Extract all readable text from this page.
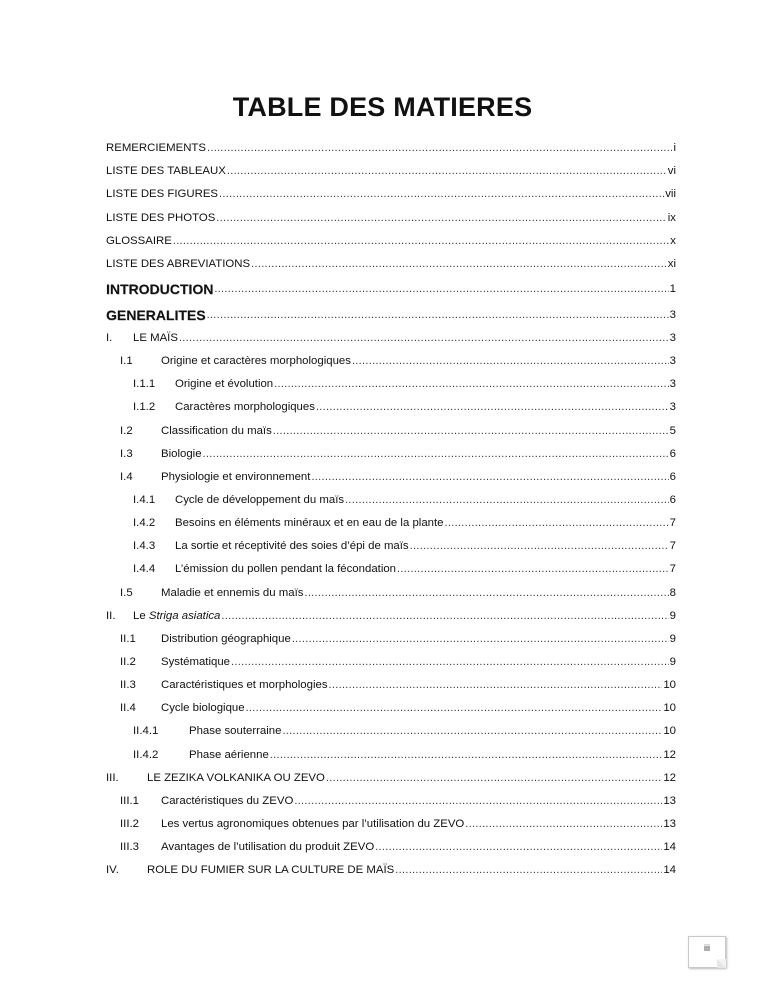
TABLE DES MATIERES
REMERCIEMENTS .....	i
LISTE DES TABLEAUX .....	vi
LISTE DES FIGURES .....	vii
LISTE DES PHOTOS .....	ix
GLOSSAIRE .....	x
LISTE DES ABREVIATIONS .....	xi
INTRODUCTION .....	1
GENERALITES .....	3
I.	LE MAÏS .....	3
I.1	Origine et caractères morphologiques .....	3
I.1.1	Origine et évolution .....	3
I.1.2	Caractères morphologiques .....	3
I.2	Classification du maïs .....	5
I.3	Biologie .....	6
I.4	Physiologie et environnement .....	6
I.4.1	Cycle de développement du maïs .....	6
I.4.2	Besoins en éléments minéraux et en eau de la plante .....	7
I.4.3	La sortie et réceptivité des soies d’épi de maïs .....	7
I.4.4	L’émission du pollen pendant la fécondation .....	7
I.5	Maladie et ennemis du maïs .....	8
II.	Le Striga asiatica .....	9
II.1	Distribution géographique .....	9
II.2	Systématique .....	9
II.3	Caractéristiques et morphologies .....	10
II.4	Cycle biologique .....	10
II.4.1	Phase souterraine .....	10
II.4.2	Phase aérienne .....	12
III.	LE ZEZIKA VOLKANIKA OU ZEVO .....	12
III.1	Caractéristiques du ZEVO .....	13
III.2	Les vertus agronomiques obtenues par l’utilisation du ZEVO .....	13
III.3	Avantages de l’utilisation du produit ZEVO .....	14
IV.	ROLE DU FUMIER SUR LA CULTURE DE MAÏS .....	14
iii
